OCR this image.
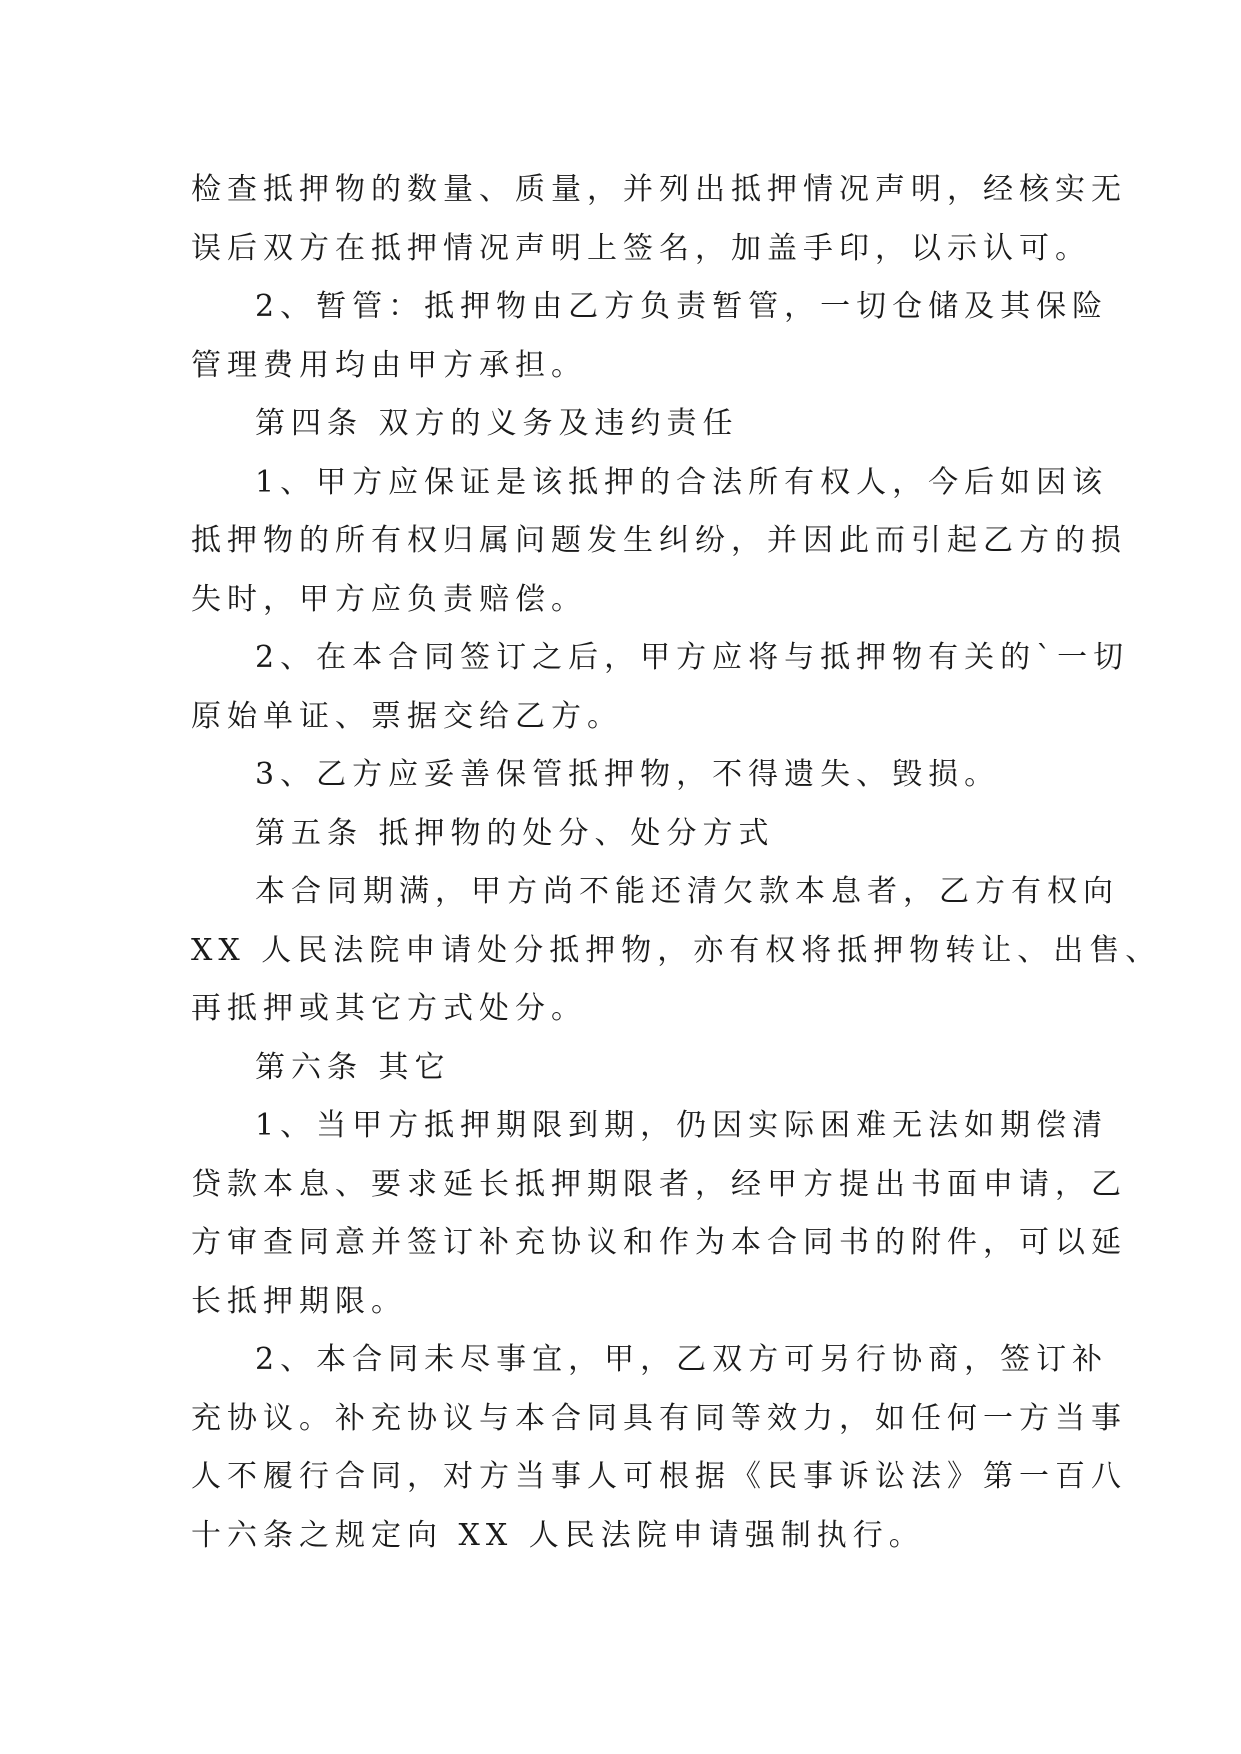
检查抵押物的数量、质量，并列出抵押情况声明，经核实无
误后双方在抵押情况声明上签名，加盖手印，以示认可。
2、暂管：抵押物由乙方负责暂管，一切仓储及其保险
管理费用均由甲方承担。
第四条 双方的义务及违约责任
1、甲方应保证是该抵押的合法所有权人，今后如因该
抵押物的所有权归属问题发生纠纷，并因此而引起乙方的损
失时，甲方应负责赔偿。
2、在本合同签订之后，甲方应将与抵押物有关的`一切
原始单证、票据交给乙方。
3、乙方应妥善保管抵押物，不得遗失、毁损。
第五条 抵押物的处分、处分方式
本合同期满，甲方尚不能还清欠款本息者，乙方有权向
XX 人民法院申请处分抵押物，亦有权将抵押物转让、出售、
再抵押或其它方式处分。
第六条 其它
1、当甲方抵押期限到期，仍因实际困难无法如期偿清
贷款本息、要求延长抵押期限者，经甲方提出书面申请，乙
方审查同意并签订补充协议和作为本合同书的附件，可以延
长抵押期限。
2、本合同未尽事宜，甲，乙双方可另行协商，签订补
充协议。补充协议与本合同具有同等效力，如任何一方当事
人不履行合同，对方当事人可根据《民事诉讼法》第一百八
十六条之规定向 XX 人民法院申请强制执行。
